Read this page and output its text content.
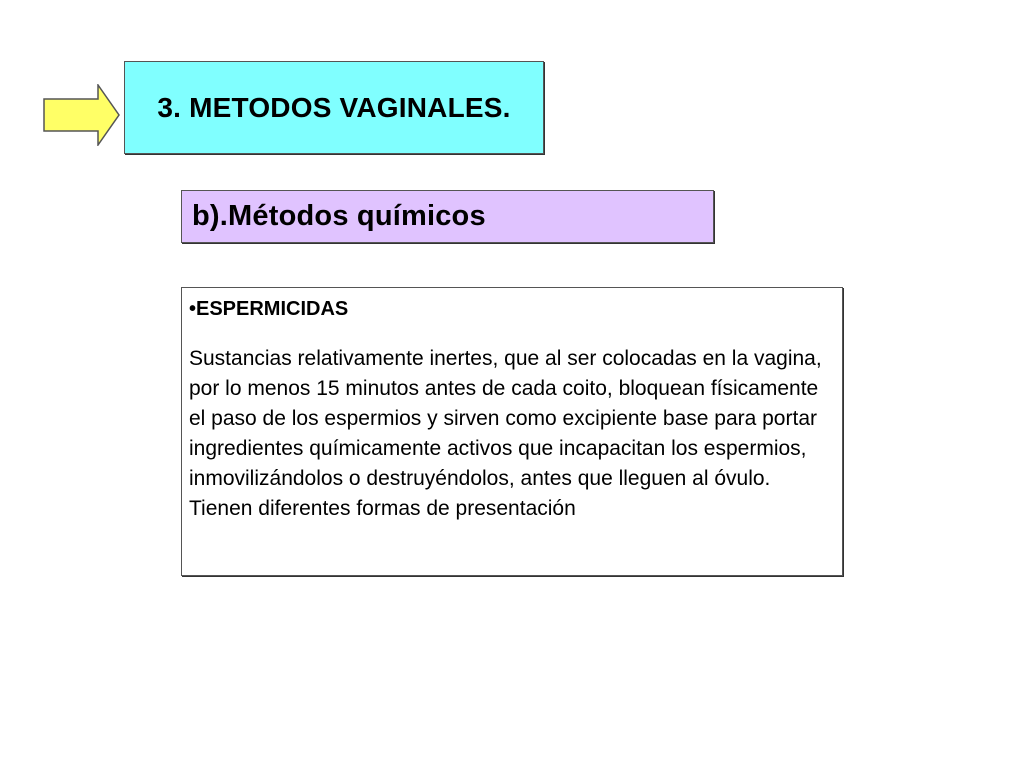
3. METODOS VAGINALES.
b).Métodos químicos

•ESPERMICIDAS

Sustancias relativamente inertes, que al ser colocadas en la vagina, por lo menos 15 minutos antes de cada coito, bloquean físicamente el paso de los espermios y sirven como excipiente base para portar ingredientes químicamente activos que incapacitan los espermios, inmovilizándolos o destruyéndolos, antes que lleguen al óvulo. Tienen diferentes formas de presentación
